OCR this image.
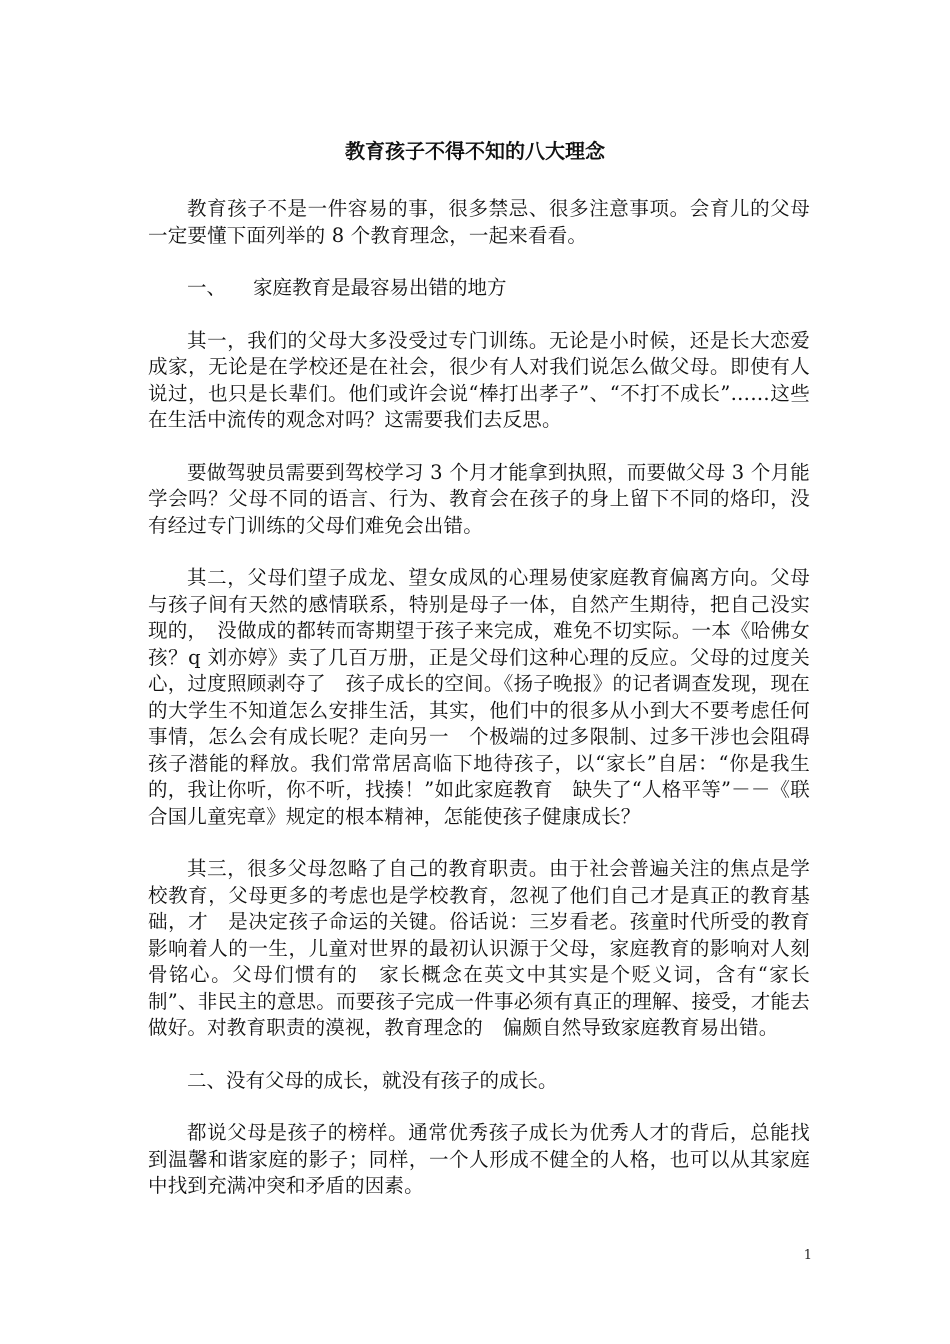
教育孩子不得不知的八大理念

教育孩子不是一件容易的事，很多禁忌、很多注意事项。会育儿的父母一定要懂下面列举的 8 个教育理念，一起来看看。

一、 家庭教育是最容易出错的地方

其一，我们的父母大多没受过专门训练。无论是小时候，还是长大恋爱成家，无论是在学校还是在社会，很少有人对我们说怎么做父母。即使有人说过，也只是长辈们。他们或许会说“棒打出孝子”、“不打不成长”……这些在生活中流传的观念对吗？这需要我们去反思。

要做驾驶员需要到驾校学习 3 个月才能拿到执照，而要做父母 3 个月能学会吗？父母不同的语言、行为、教育会在孩子的身上留下不同的烙印，没有经过专门训练的父母们难免会出错。

其二，父母们望子成龙、望女成凤的心理易使家庭教育偏离方向。父母与孩子间有天然的感情联系，特别是母子一体，自然产生期待，把自己没实现的，　没做成的都转而寄期望于孩子来完成，难免不切实际。一本《哈佛女孩？q 刘亦婷》卖了几百万册，正是父母们这种心理的反应。父母的过度关心，过度照顾剥夺了　孩子成长的空间。《扬子晚报》的记者调查发现，现在的大学生不知道怎么安排生活，其实，他们中的很多从小到大不要考虑任何事情，怎么会有成长呢？走向另一　个极端的过多限制、过多干涉也会阻碍孩子潜能的释放。我们常常居高临下地待孩子，以“家长”自居：“你是我生的，我让你听，你不听，找揍！”如此家庭教育　缺失了“人格平等”－－《联合国儿童宪章》规定的根本精神，怎能使孩子健康成长？

其三，很多父母忽略了自己的教育职责。由于社会普遍关注的焦点是学校教育，父母更多的考虑也是学校教育，忽视了他们自己才是真正的教育基础，才　是决定孩子命运的关键。俗话说：三岁看老。孩童时代所受的教育影响着人的一生，儿童对世界的最初认识源于父母，家庭教育的影响对人刻骨铭心。父母们惯有的　家长概念在英文中其实是个贬义词，含有“家长制”、非民主的意思。而要孩子完成一件事必须有真正的理解、接受，才能去做好。对教育职责的漠视，教育理念的　偏颇自然导致家庭教育易出错。

二、没有父母的成长，就没有孩子的成长。

都说父母是孩子的榜样。通常优秀孩子成长为优秀人才的背后，总能找到温馨和谐家庭的影子；同样，一个人形成不健全的人格，也可以从其家庭中找到充满冲突和矛盾的因素。

1
